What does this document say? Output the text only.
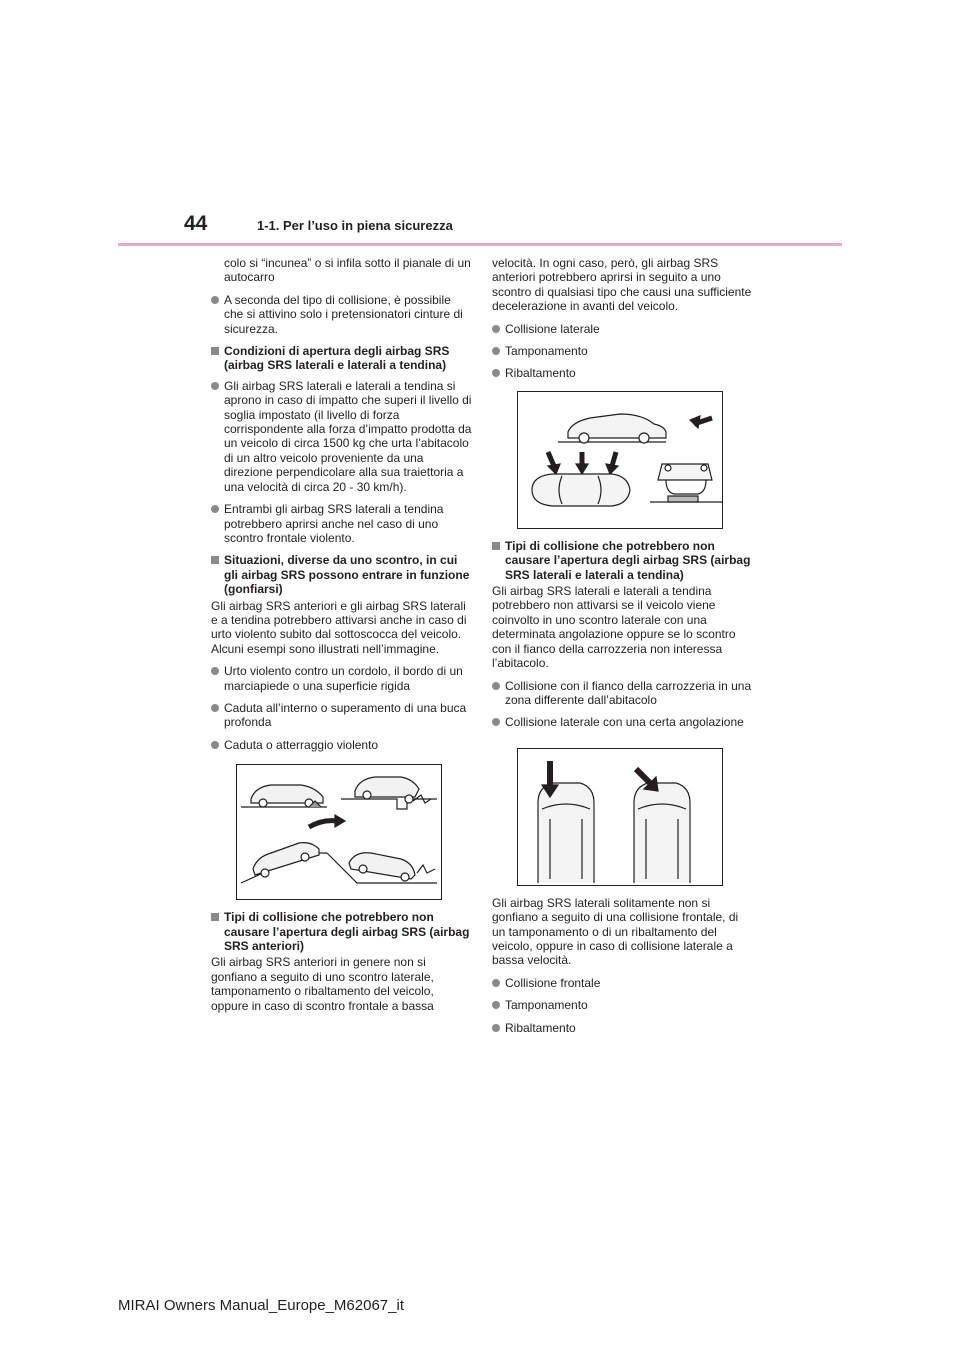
44	1-1. Per l’uso in piena sicurezza

colo si “incunea” o si infila sotto il pianale di un autocarro

A seconda del tipo di collisione, è possibile che si attivino solo i pretensionatori cinture di sicurezza.

Condizioni di apertura degli airbag SRS (airbag SRS laterali e laterali a tendina)

Gli airbag SRS laterali e laterali a tendina si aprono in caso di impatto che superi il livello di soglia impostato (il livello di forza corrispondente alla forza d’impatto prodotta da un veicolo di circa 1500 kg che urta l’abitacolo di un altro veicolo proveniente da una direzione perpendicolare alla sua traiettoria a una velocità di circa 20 - 30 km/h).

Entrambi gli airbag SRS laterali a tendina potrebbero aprirsi anche nel caso di uno scontro frontale violento.

Situazioni, diverse da uno scontro, in cui gli airbag SRS possono entrare in funzione (gonfiarsi)

Gli airbag SRS anteriori e gli airbag SRS laterali e a tendina potrebbero attivarsi anche in caso di urto violento subito dal sottoscocca del veicolo. Alcuni esempi sono illustrati nell’immagine.

Urto violento contro un cordolo, il bordo di un marciapiede o una superficie rigida

Caduta all’interno o superamento di una buca profonda

Caduta o atterraggio violento

Tipi di collisione che potrebbero non causare l’apertura degli airbag SRS (airbag SRS anteriori)

Gli airbag SRS anteriori in genere non si gonfiano a seguito di uno scontro laterale, tamponamento o ribaltamento del veicolo, oppure in caso di scontro frontale a bassa

velocità. In ogni caso, però, gli airbag SRS anteriori potrebbero aprirsi in seguito a uno scontro di qualsiasi tipo che causi una sufficiente decelerazione in avanti del veicolo.

Collisione laterale

Tamponamento

Ribaltamento

Tipi di collisione che potrebbero non causare l’apertura degli airbag SRS (airbag SRS laterali e laterali a tendina)

Gli airbag SRS laterali e laterali a tendina potrebbero non attivarsi se il veicolo viene coinvolto in uno scontro laterale con una determinata angolazione oppure se lo scontro con il fianco della carrozzeria non interessa l’abitacolo.

Collisione con il fianco della carrozzeria in una zona differente dall’abitacolo

Collisione laterale con una certa angolazione

Gli airbag SRS laterali solitamente non si gonfiano a seguito di una collisione frontale, di un tamponamento o di un ribaltamento del veicolo, oppure in caso di collisione laterale a bassa velocità.

Collisione frontale

Tamponamento

Ribaltamento

MIRAI Owners Manual_Europe_M62067_it
